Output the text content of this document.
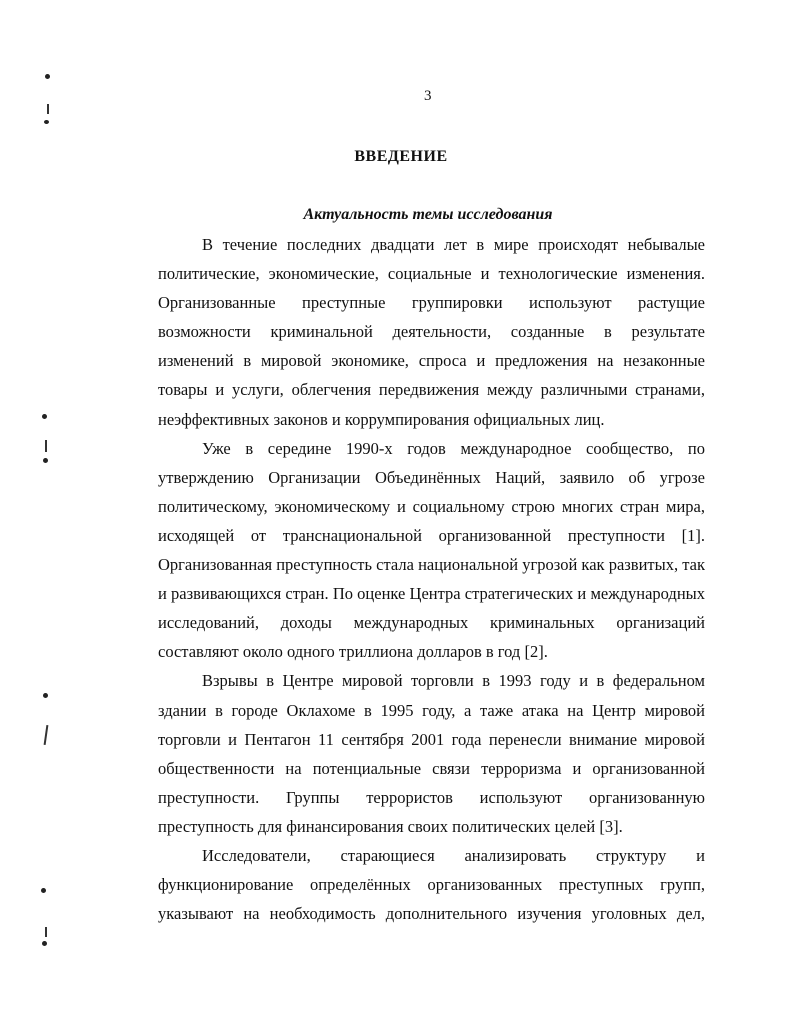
3
ВВЕДЕНИЕ
Актуальность темы исследования

В течение последних двадцати лет в мире происходят небывалые политические, экономические, социальные и технологические изменения. Организованные преступные группировки используют растущие возможности криминальной деятельности, созданные в результате изменений в мировой экономике, спроса и предложения на незаконные товары и услуги, облегчения передвижения между различными странами, неэффективных законов и коррумпирования официальных лиц.

Уже в середине 1990-х годов международное сообщество, по утверждению Организации Объединённых Наций, заявило об угрозе политическому, экономическому и социальному строю многих стран мира, исходящей от транснациональной организованной преступности [1]. Организованная преступность стала национальной угрозой как развитых, так и развивающихся стран. По оценке Центра стратегических и международных исследований, доходы международных криминальных организаций составляют около одного триллиона долларов в год [2].

Взрывы в Центре мировой торговли в 1993 году и в федеральном здании в городе Оклахоме в 1995 году, а таже атака на Центр мировой торговли и Пентагон 11 сентября 2001 года перенесли внимание мировой общественности на потенциальные связи терроризма и организованной преступности. Группы террористов используют организованную преступность для финансирования своих политических целей [3].

Исследователи, старающиеся анализировать структуру и функционирование определённых организованных преступных групп, указывают на необходимость дополнительного изучения уголовных дел,
